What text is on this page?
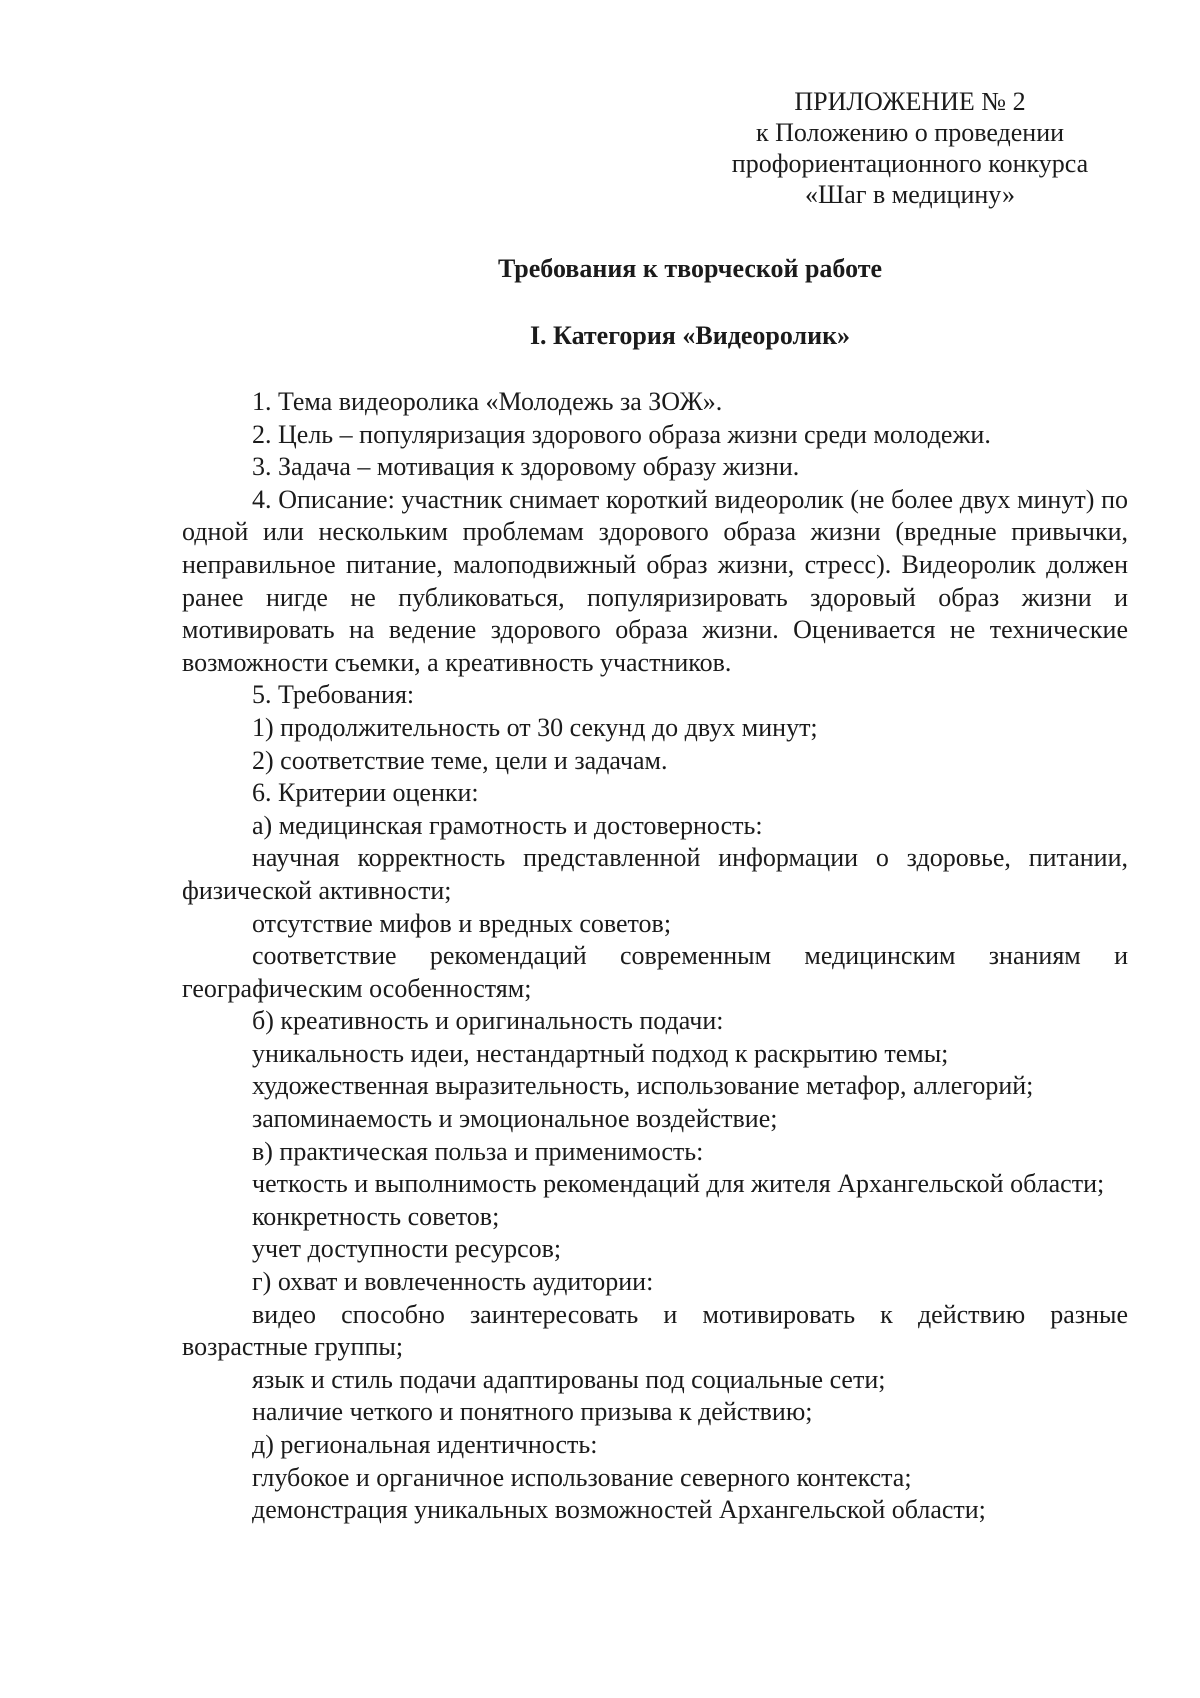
ПРИЛОЖЕНИЕ № 2
к Положению о проведении
профориентационного конкурса
«Шаг в медицину»
Требования к творческой работе
I. Категория «Видеоролик»

1. Тема видеоролика «Молодежь за ЗОЖ».

2. Цель – популяризация здорового образа жизни среди молодежи.

3. Задача – мотивация к здоровому образу жизни.

4. Описание: участник снимает короткий видеоролик (не более двух минут) по одной или нескольким проблемам здорового образа жизни (вредные привычки, неправильное питание, малоподвижный образ жизни, стресс). Видеоролик должен ранее нигде не публиковаться, популяризировать здоровый образ жизни и мотивировать на ведение здорового образа жизни. Оценивается не технические возможности съемки, а креативность участников.

5. Требования:

1) продолжительность от 30 секунд до двух минут;

2) соответствие теме, цели и задачам.

6. Критерии оценки:

а) медицинская грамотность и достоверность:

научная корректность представленной информации о здоровье, питании, физической активности;

отсутствие мифов и вредных советов;

соответствие рекомендаций современным медицинским знаниям и географическим особенностям;

б) креативность и оригинальность подачи:

уникальность идеи, нестандартный подход к раскрытию темы;

художественная выразительность, использование метафор, аллегорий;

запоминаемость и эмоциональное воздействие;

в) практическая польза и применимость:

четкость и выполнимость рекомендаций для жителя Архангельской области;

конкретность советов;

учет доступности ресурсов;

г) охват и вовлеченность аудитории:

видео способно заинтересовать и мотивировать к действию разные возрастные группы;

язык и стиль подачи адаптированы под социальные сети;

наличие четкого и понятного призыва к действию;

д) региональная идентичность:

глубокое и органичное использование северного контекста;

демонстрация уникальных возможностей Архангельской области;
